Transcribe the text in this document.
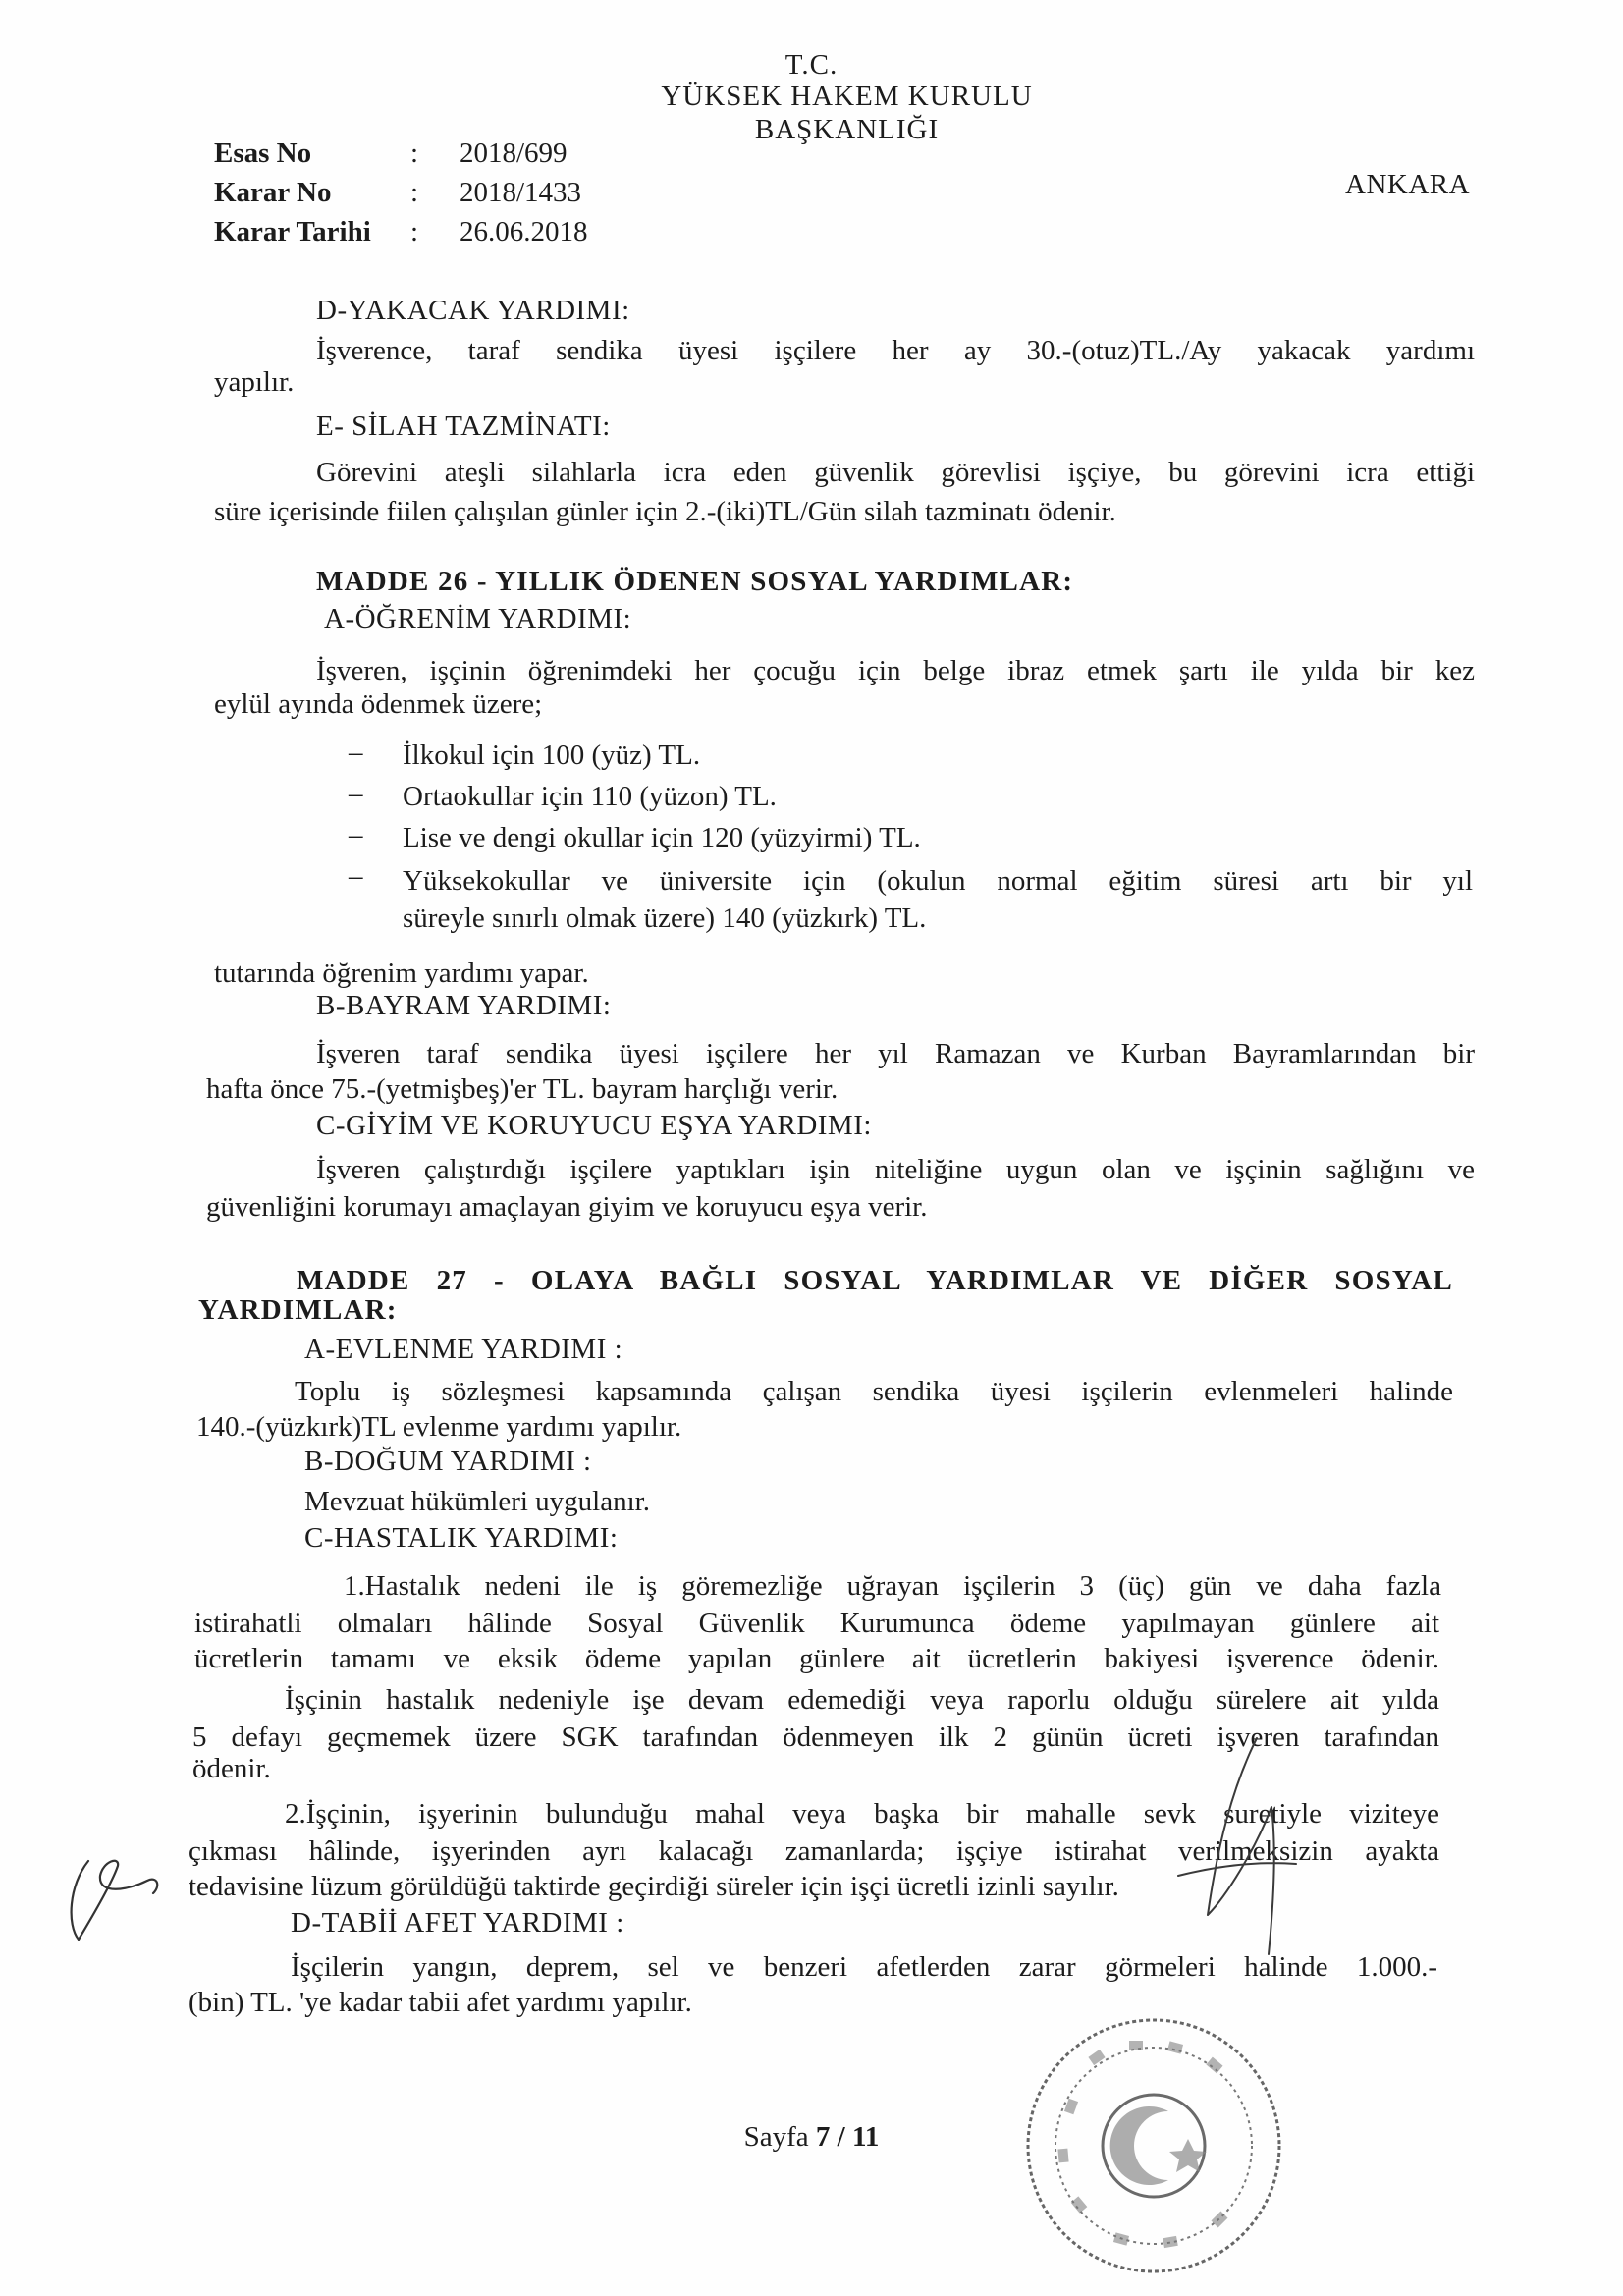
T.C.
YÜKSEK HAKEM KURULU
BAŞKANLIĞI
ANKARA
Esas No	: 2018/699
Karar No	: 2018/1433
Karar Tarihi : 26.06.2018
D-YAKACAK YARDIMI:
İşverence, taraf sendika üyesi işçilere her ay 30.-(otuz)TL./Ay yakacak yardımı
yapılır.
E- SİLAH TAZMİNATI:
Görevini ateşli silahlarla icra eden güvenlik görevlisi işçiye, bu görevini icra ettiği
süre içerisinde fiilen çalışılan günler için 2.-(iki)TL/Gün silah tazminatı ödenir.
MADDE 26 - YILLIK ÖDENEN SOSYAL YARDIMLAR:
A-ÖĞRENİM YARDIMI:
İşveren, işçinin öğrenimdeki her çocuğu için belge ibraz etmek şartı ile yılda bir kez
eylül ayında ödenmek üzere;
– İlkokul için 100 (yüz) TL.
– Ortaokullar için 110 (yüzon) TL.
– Lise ve dengi okullar için 120 (yüzyirmi) TL.
– Yüksekokullar ve üniversite için (okulun normal eğitim süresi artı bir yıl
süreyle sınırlı olmak üzere) 140 (yüzkırk) TL.
tutarında öğrenim yardımı yapar.
B-BAYRAM YARDIMI:
İşveren taraf sendika üyesi işçilere her yıl Ramazan ve Kurban Bayramlarından bir
hafta önce 75.-(yetmişbeş)'er TL. bayram harçlığı verir.
C-GİYİM VE KORUYUCU EŞYA YARDIMI:
İşveren çalıştırdığı işçilere yaptıkları işin niteliğine uygun olan ve işçinin sağlığını ve
güvenliğini korumayı amaçlayan giyim ve koruyucu eşya verir.
MADDE 27 - OLAYA BAĞLI SOSYAL YARDIMLAR VE DİĞER SOSYAL
YARDIMLAR:
A-EVLENME YARDIMI :
Toplu iş sözleşmesi kapsamında çalışan sendika üyesi işçilerin evlenmeleri halinde
140.-(yüzkırk)TL evlenme yardımı yapılır.
B-DOĞUM YARDIMI :
Mevzuat hükümleri uygulanır.
C-HASTALIK YARDIMI:
1.Hastalık nedeni ile iş göremezliğe uğrayan işçilerin 3 (üç) gün ve daha fazla
istirahatli olmaları hâlinde Sosyal Güvenlik Kurumunca ödeme yapılmayan günlere ait
ücretlerin tamamı ve eksik ödeme yapılan günlere ait ücretlerin bakiyesi işverence ödenir.
İşçinin hastalık nedeniyle işe devam edemediği veya raporlu olduğu sürelere ait yılda
5 defayı geçmemek üzere SGK tarafından ödenmeyen ilk 2 günün ücreti işveren tarafından
ödenir.
2.İşçinin, işyerinin bulunduğu mahal veya başka bir mahalle sevk suretiyle viziteye
çıkması hâlinde, işyerinden ayrı kalacağı zamanlarda; işçiye istirahat verilmeksizin ayakta
tedavisine lüzum görüldüğü taktirde geçirdiği süreler için işçi ücretli izinli sayılır.
D-TABİİ AFET YARDIMI :
İşçilerin yangın, deprem, sel ve benzeri afetlerden zarar görmeleri halinde 1.000.-
(bin) TL. 'ye kadar tabii afet yardımı yapılır.
Sayfa 7 / 11
